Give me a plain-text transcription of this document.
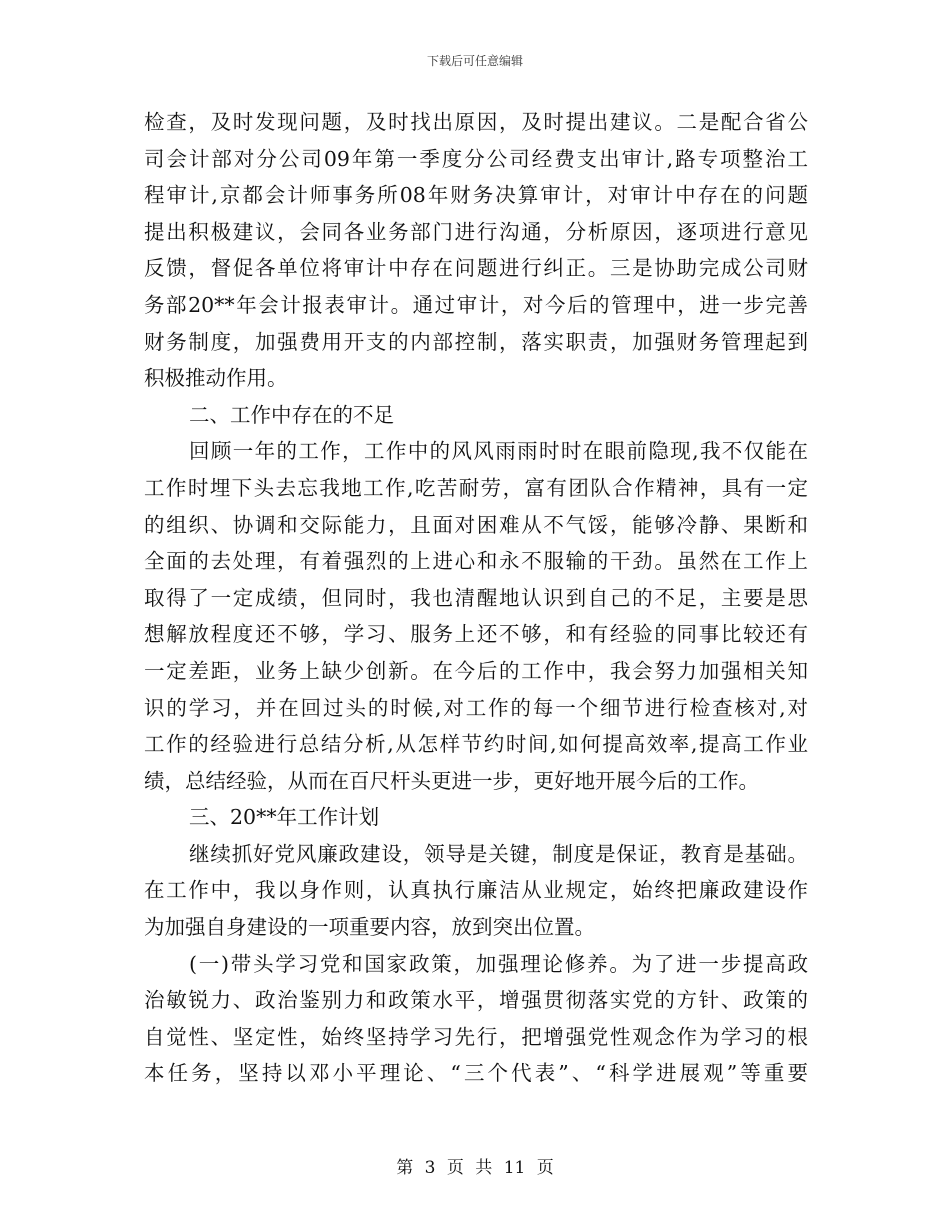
下载后可任意编辑
检查，及时发现问题，及时找出原因，及时提出建议。二是配合省公
司会计部对分公司09年第一季度分公司经费支出审计,路专项整治工
程审计,京都会计师事务所08年财务决算审计，对审计中存在的问题
提出积极建议，会同各业务部门进行沟通，分析原因，逐项进行意见
反馈，督促各单位将审计中存在问题进行纠正。三是协助完成公司财
务部20**年会计报表审计。通过审计，对今后的管理中，进一步完善
财务制度，加强费用开支的内部控制，落实职责，加强财务管理起到
积极推动作用。
二、工作中存在的不足
回顾一年的工作，工作中的风风雨雨时时在眼前隐现,我不仅能在
工作时埋下头去忘我地工作,吃苦耐劳，富有团队合作精神，具有一定
的组织、协调和交际能力，且面对困难从不气馁，能够冷静、果断和
全面的去处理，有着强烈的上进心和永不服输的干劲。虽然在工作上
取得了一定成绩，但同时，我也清醒地认识到自己的不足，主要是思
想解放程度还不够，学习、服务上还不够，和有经验的同事比较还有
一定差距，业务上缺少创新。在今后的工作中，我会努力加强相关知
识的学习，并在回过头的时候,对工作的每一个细节进行检查核对,对
工作的经验进行总结分析,从怎样节约时间,如何提高效率,提高工作业
绩，总结经验，从而在百尺杆头更进一步，更好地开展今后的工作。
三、20**年工作计划
继续抓好党风廉政建设，领导是关键，制度是保证，教育是基础。
在工作中，我以身作则，认真执行廉洁从业规定，始终把廉政建设作
为加强自身建设的一项重要内容，放到突出位置。
(一)带头学习党和国家政策，加强理论修养。为了进一步提高政
治敏锐力、政治鉴别力和政策水平，增强贯彻落实党的方针、政策的
自觉性、坚定性，始终坚持学习先行，把增强党性观念作为学习的根
本任务，坚持以邓小平理论、“三个代表”、“科学进展观”等重要
第 3 页 共 11 页
